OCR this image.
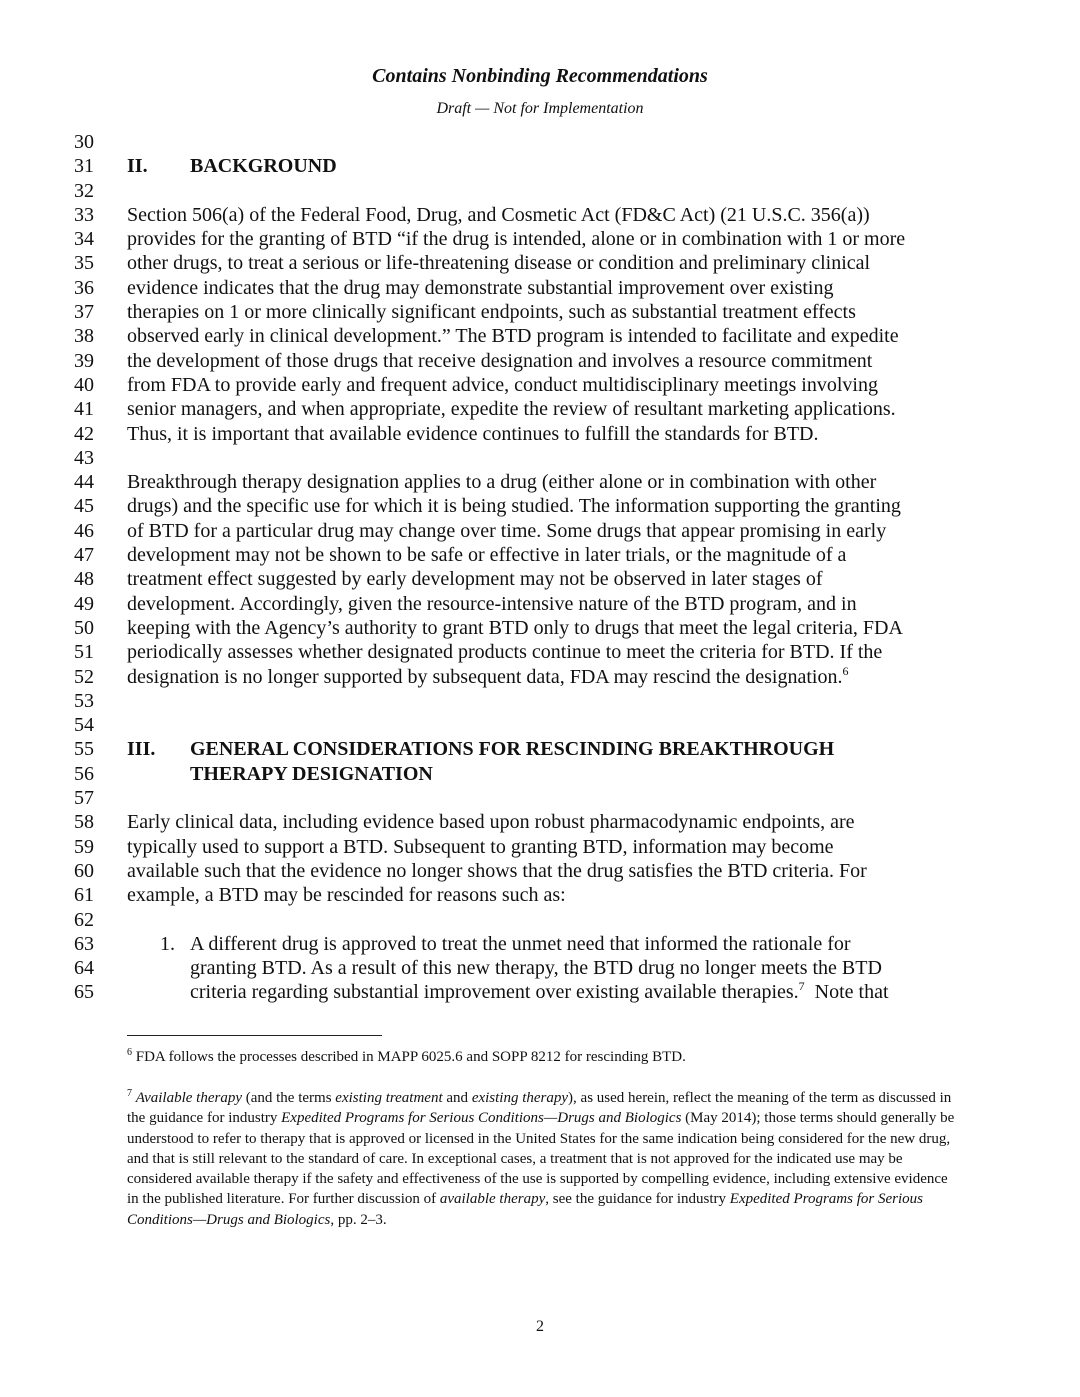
Contains Nonbinding Recommendations
Draft — Not for Implementation
30
31 II. BACKGROUND
32
33 Section 506(a) of the Federal Food, Drug, and Cosmetic Act (FD&C Act) (21 U.S.C. 356(a))
34 provides for the granting of BTD “if the drug is intended, alone or in combination with 1 or more
35 other drugs, to treat a serious or life-threatening disease or condition and preliminary clinical
36 evidence indicates that the drug may demonstrate substantial improvement over existing
37 therapies on 1 or more clinically significant endpoints, such as substantial treatment effects
38 observed early in clinical development.” The BTD program is intended to facilitate and expedite
39 the development of those drugs that receive designation and involves a resource commitment
40 from FDA to provide early and frequent advice, conduct multidisciplinary meetings involving
41 senior managers, and when appropriate, expedite the review of resultant marketing applications.
42 Thus, it is important that available evidence continues to fulfill the standards for BTD.
43
44 Breakthrough therapy designation applies to a drug (either alone or in combination with other
45 drugs) and the specific use for which it is being studied. The information supporting the granting
46 of BTD for a particular drug may change over time. Some drugs that appear promising in early
47 development may not be shown to be safe or effective in later trials, or the magnitude of a
48 treatment effect suggested by early development may not be observed in later stages of
49 development. Accordingly, given the resource-intensive nature of the BTD program, and in
50 keeping with the Agency’s authority to grant BTD only to drugs that meet the legal criteria, FDA
51 periodically assesses whether designated products continue to meet the criteria for BTD. If the
52 designation is no longer supported by subsequent data, FDA may rescind the designation.$^6$
53
54
55 III. GENERAL CONSIDERATIONS FOR RESCINDING BREAKTHROUGH
56	THERAPY DESIGNATION
57
58 Early clinical data, including evidence based upon robust pharmacodynamic endpoints, are
59 typically used to support a BTD. Subsequent to granting BTD, information may become
60 available such that the evidence no longer shows that the drug satisfies the BTD criteria. For
61 example, a BTD may be rescinded for reasons such as:
62
63	1. A different drug is approved to treat the unmet need that informed the rationale for
64	granting BTD. As a result of this new therapy, the BTD drug no longer meets the BTD
65	criteria regarding substantial improvement over existing available therapies.$^7$ Note that
$^6$ FDA follows the processes described in MAPP 6025.6 and SOPP 8212 for rescinding BTD.
$^7$ Available therapy (and the terms existing treatment and existing therapy), as used herein, reflect the meaning of the term as discussed in the guidance for industry Expedited Programs for Serious Conditions—Drugs and Biologics (May 2014); those terms should generally be understood to refer to therapy that is approved or licensed in the United States for the same indication being considered for the new drug, and that is still relevant to the standard of care. In exceptional cases, a treatment that is not approved for the indicated use may be considered available therapy if the safety and effectiveness of the use is supported by compelling evidence, including extensive evidence in the published literature. For further discussion of available therapy, see the guidance for industry Expedited Programs for Serious Conditions—Drugs and Biologics, pp. 2–3.
2
